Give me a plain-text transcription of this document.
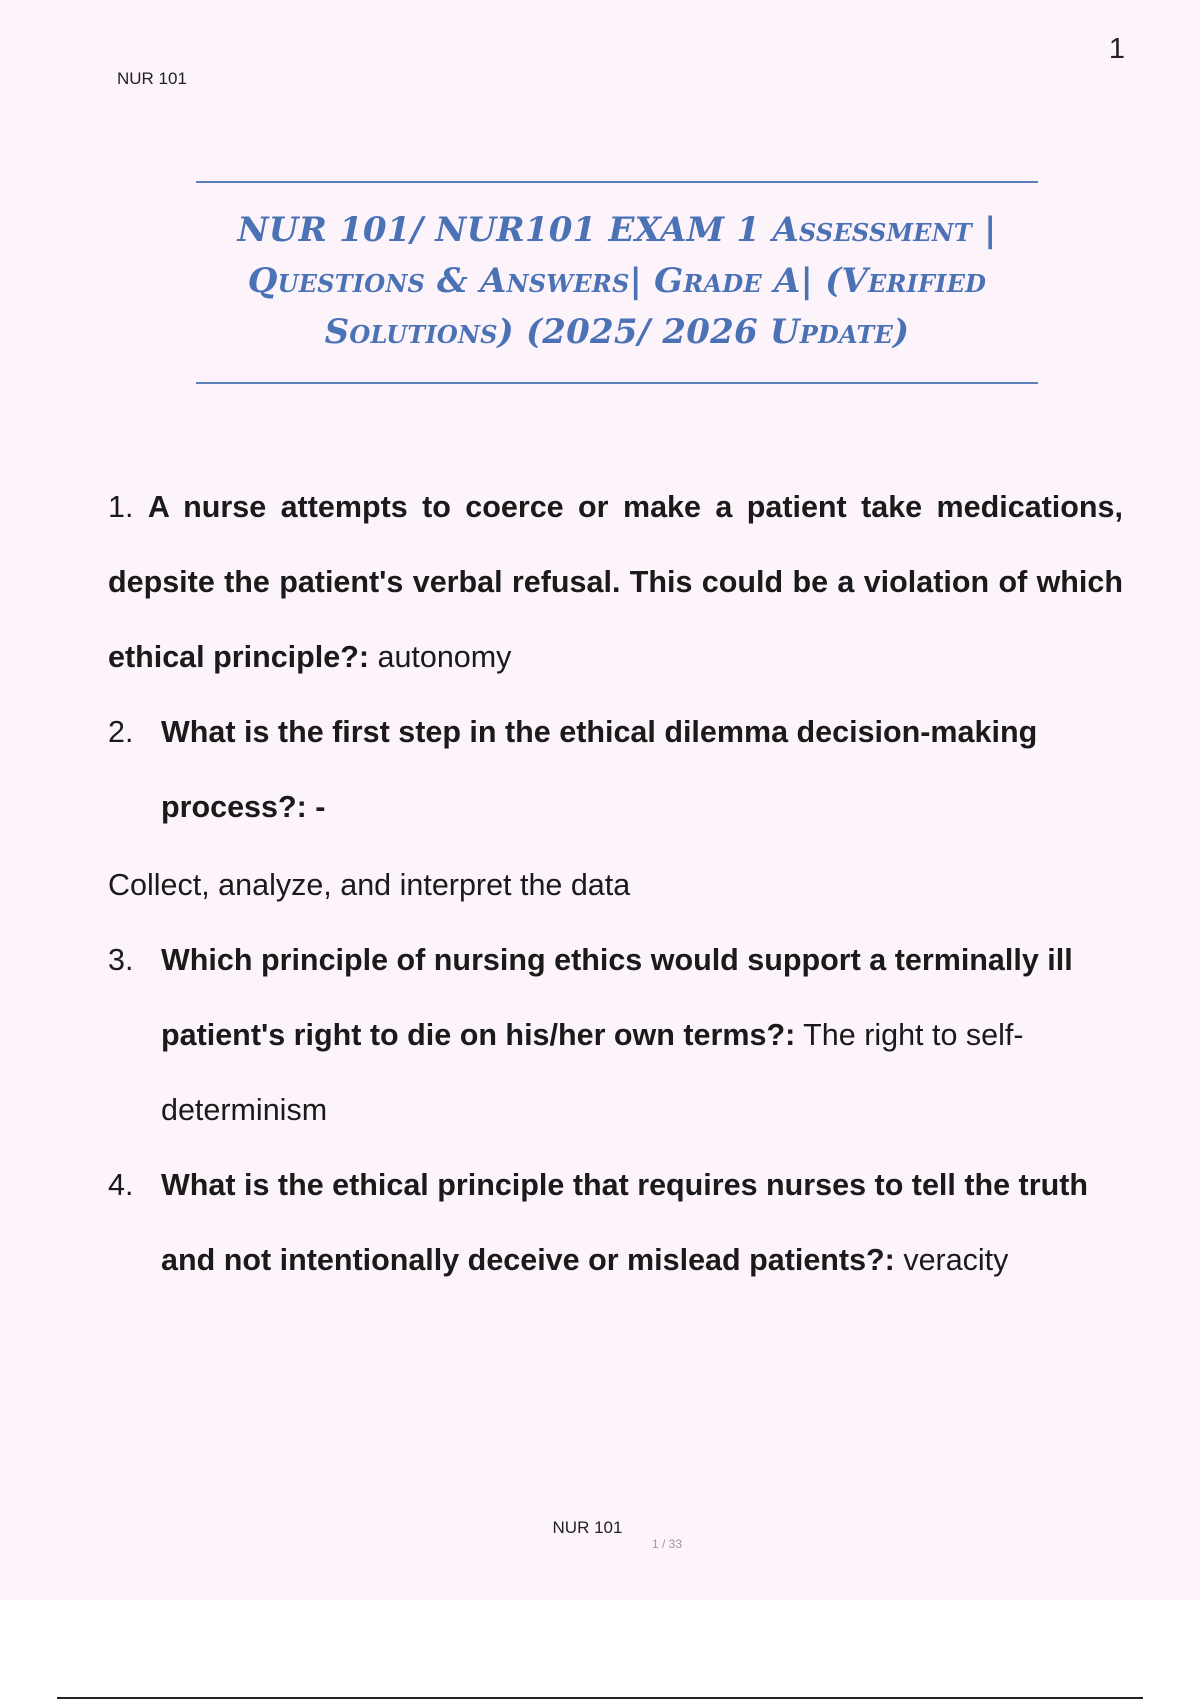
NUR 101
1

NUR 101/ NUR101 EXAM 1 Assessment |
Questions & Answers| Grade A| (Verified
Solutions) (2025/ 2026 Update)

1. A nurse attempts to coerce or make a patient take medications, depsite the patient's verbal refusal. This could be a violation of which ethical principle?: autonomy
2. What is the first step in the ethical dilemma decision-making process?: -
Collect, analyze, and interpret the data
3. Which principle of nursing ethics would support a terminally ill patient's right to die on his/her own terms?: The right to self-determinism
4. What is the ethical principle that requires nurses to tell the truth and not intentionally deceive or mislead patients?: veracity
NUR 101
1 / 33
